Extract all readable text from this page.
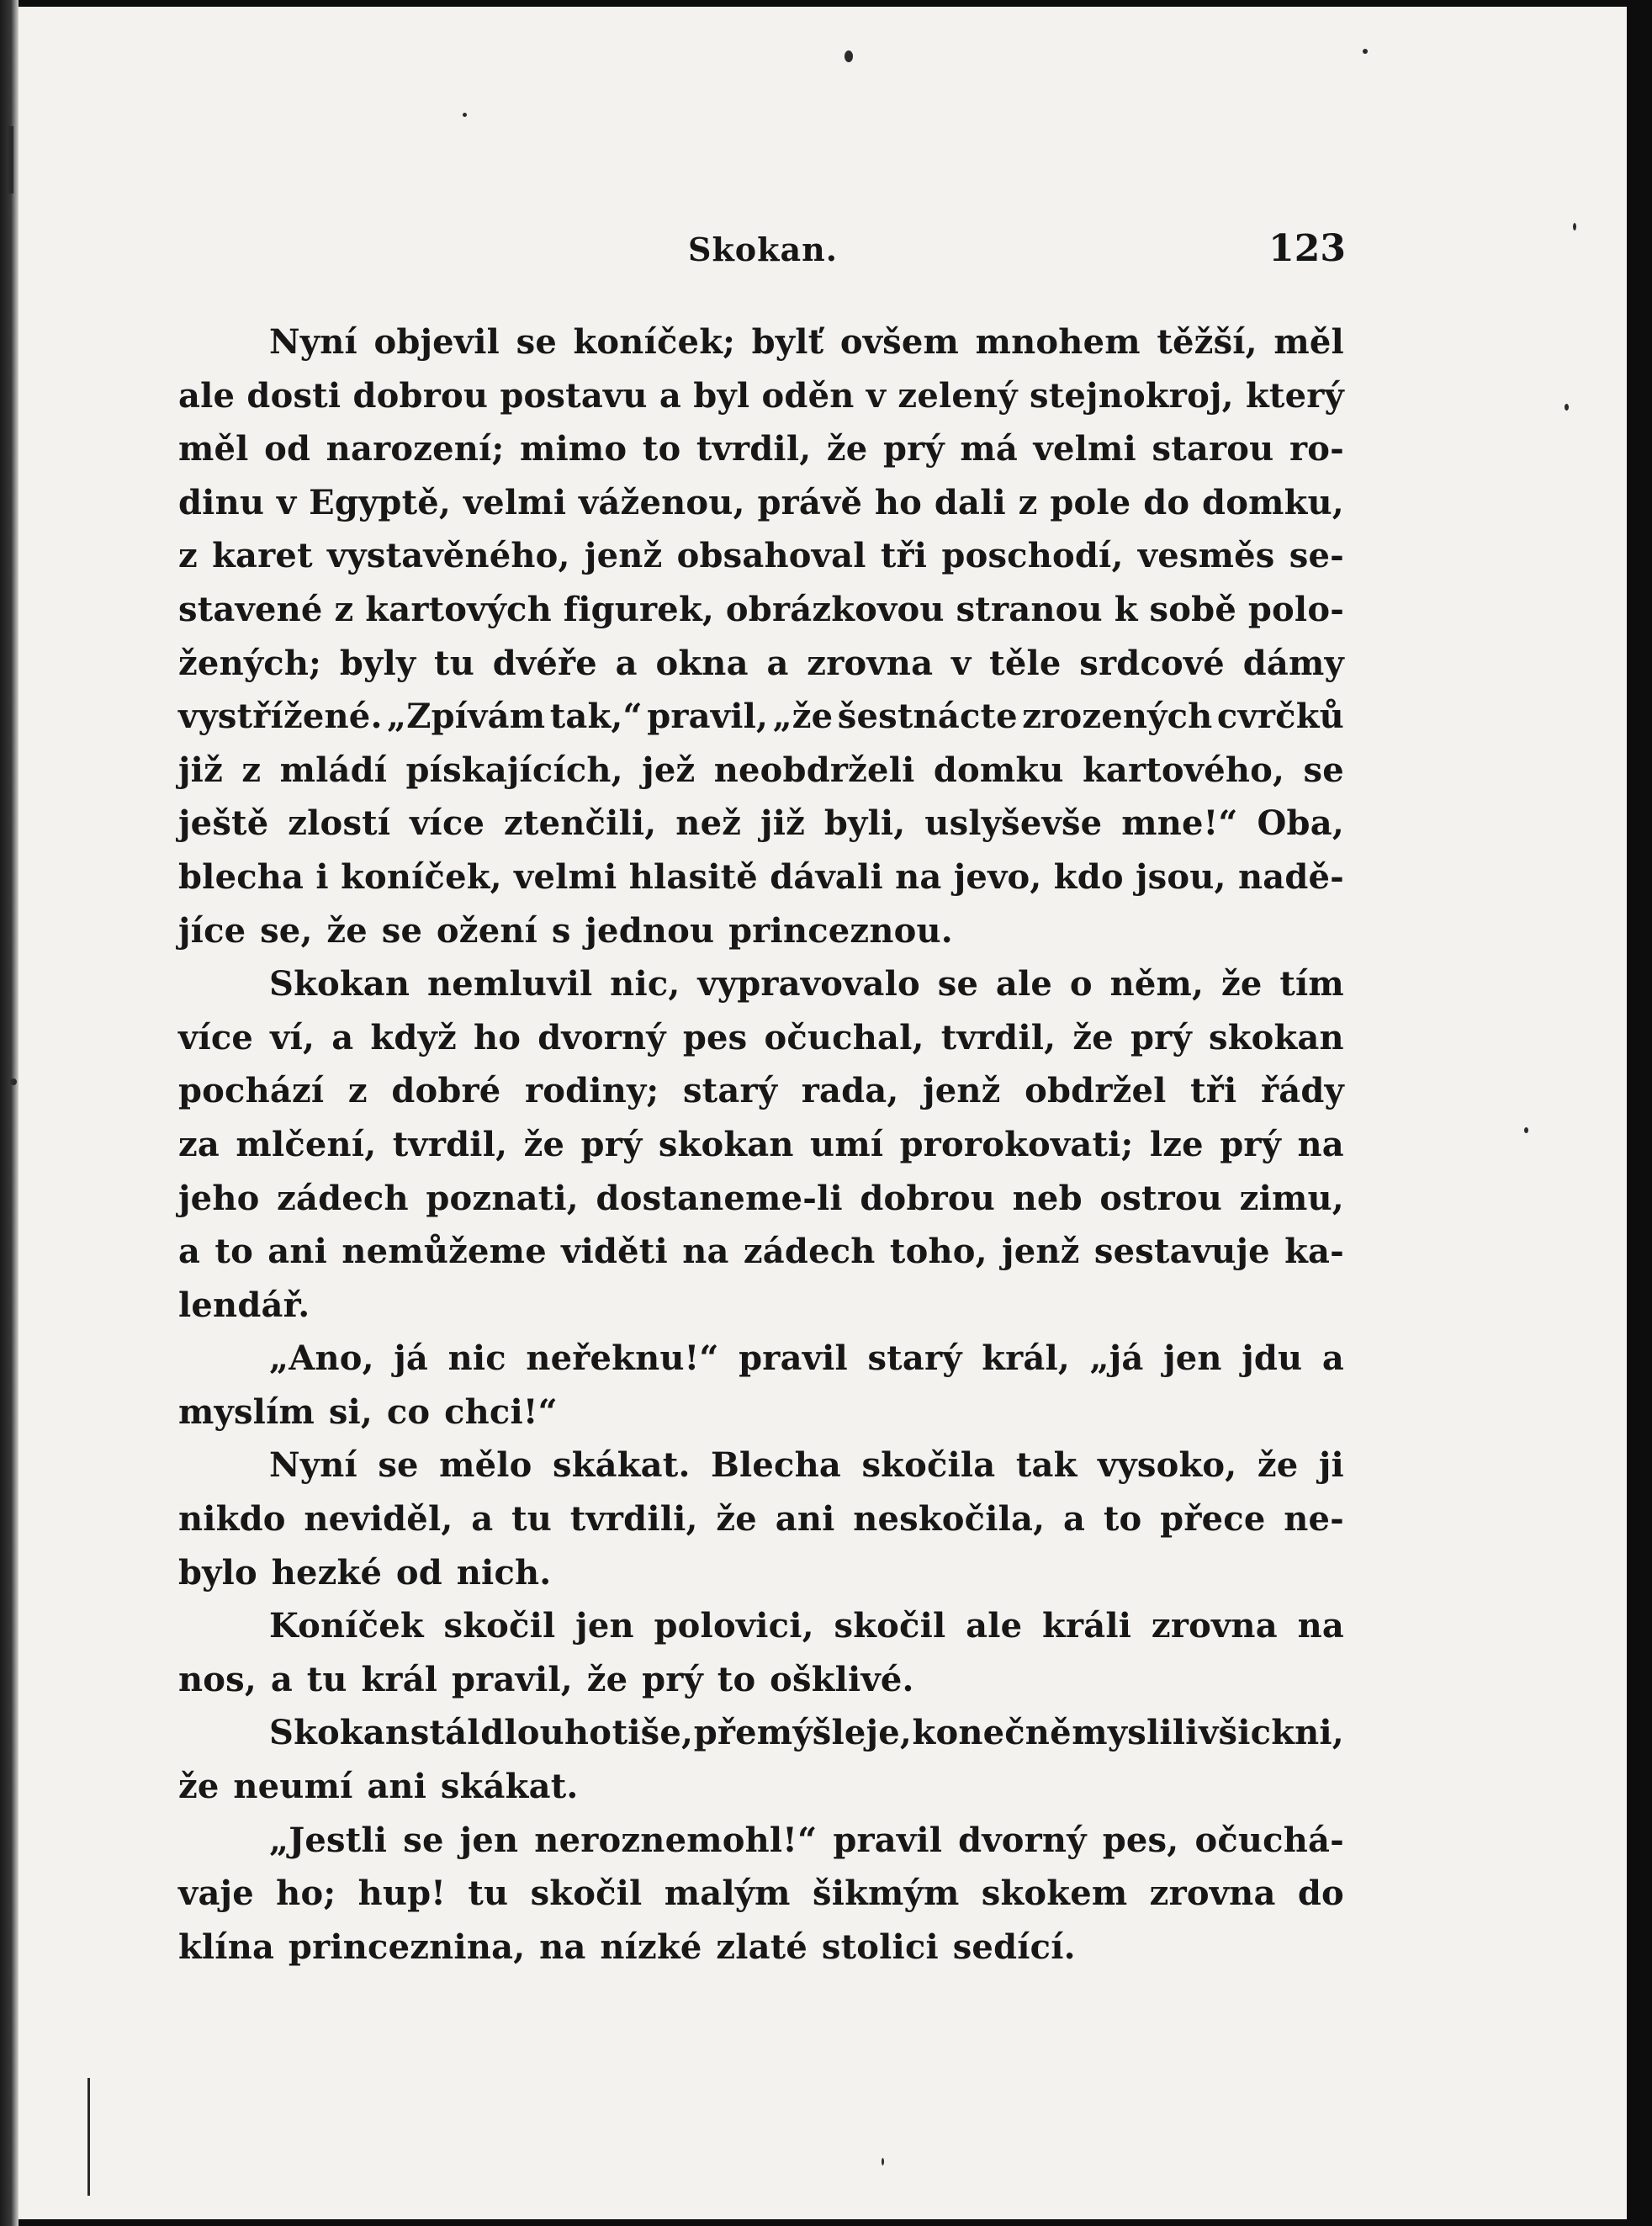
Skokan.	123
Nyní objevil se koníček; bylť ovšem mnohem těžší, měl
ale dosti dobrou postavu a byl oděn v zelený stejnokroj, který
měl od narození; mimo to tvrdil, že prý má velmi starou ro-
dinu v Egyptě, velmi váženou, právě ho dali z pole do domku,
z karet vystavěného, jenž obsahoval tři poschodí, vesměs se-
stavené z kartových figurek, obrázkovou stranou k sobě polo-
žených; byly tu dvéře a okna a zrovna v těle srdcové dámy
vystřížené. „Zpívám tak,“ pravil, „že šestnácte zrozených cvrčků
již z mládí pískajících, jež neobdrželi domku kartového, se
ještě zlostí více ztenčili, než již byli, uslyševše mne!“ Oba,
blecha i koníček, velmi hlasitě dávali na jevo, kdo jsou, nadě-
jíce se, že se ožení s jednou princeznou.
Skokan nemluvil nic, vypravovalo se ale o něm, že tím
více ví, a když ho dvorný pes očuchal, tvrdil, že prý skokan
pochází z dobré rodiny; starý rada, jenž obdržel tři řády
za mlčení, tvrdil, že prý skokan umí prorokovati; lze prý na
jeho zádech poznati, dostaneme-li dobrou neb ostrou zimu,
a to ani nemůžeme viděti na zádech toho, jenž sestavuje ka-
lendář.
„Ano, já nic neřeknu!“ pravil starý král, „já jen jdu a
myslím si, co chci!“
Nyní se mělo skákat. Blecha skočila tak vysoko, že ji
nikdo neviděl, a tu tvrdili, že ani neskočila, a to přece ne-
bylo hezké od nich.
Koníček skočil jen polovici, skočil ale králi zrovna na
nos, a tu král pravil, že prý to ošklivé.
Skokan stál dlouho tiše, přemýšleje, konečně myslili všickni,
že neumí ani skákat.
„Jestli se jen neroznemohl!“ pravil dvorný pes, očuchá-
vaje ho; hup! tu skočil malým šikmým skokem zrovna do
klína princeznina, na nízké zlaté stolici sedící.
